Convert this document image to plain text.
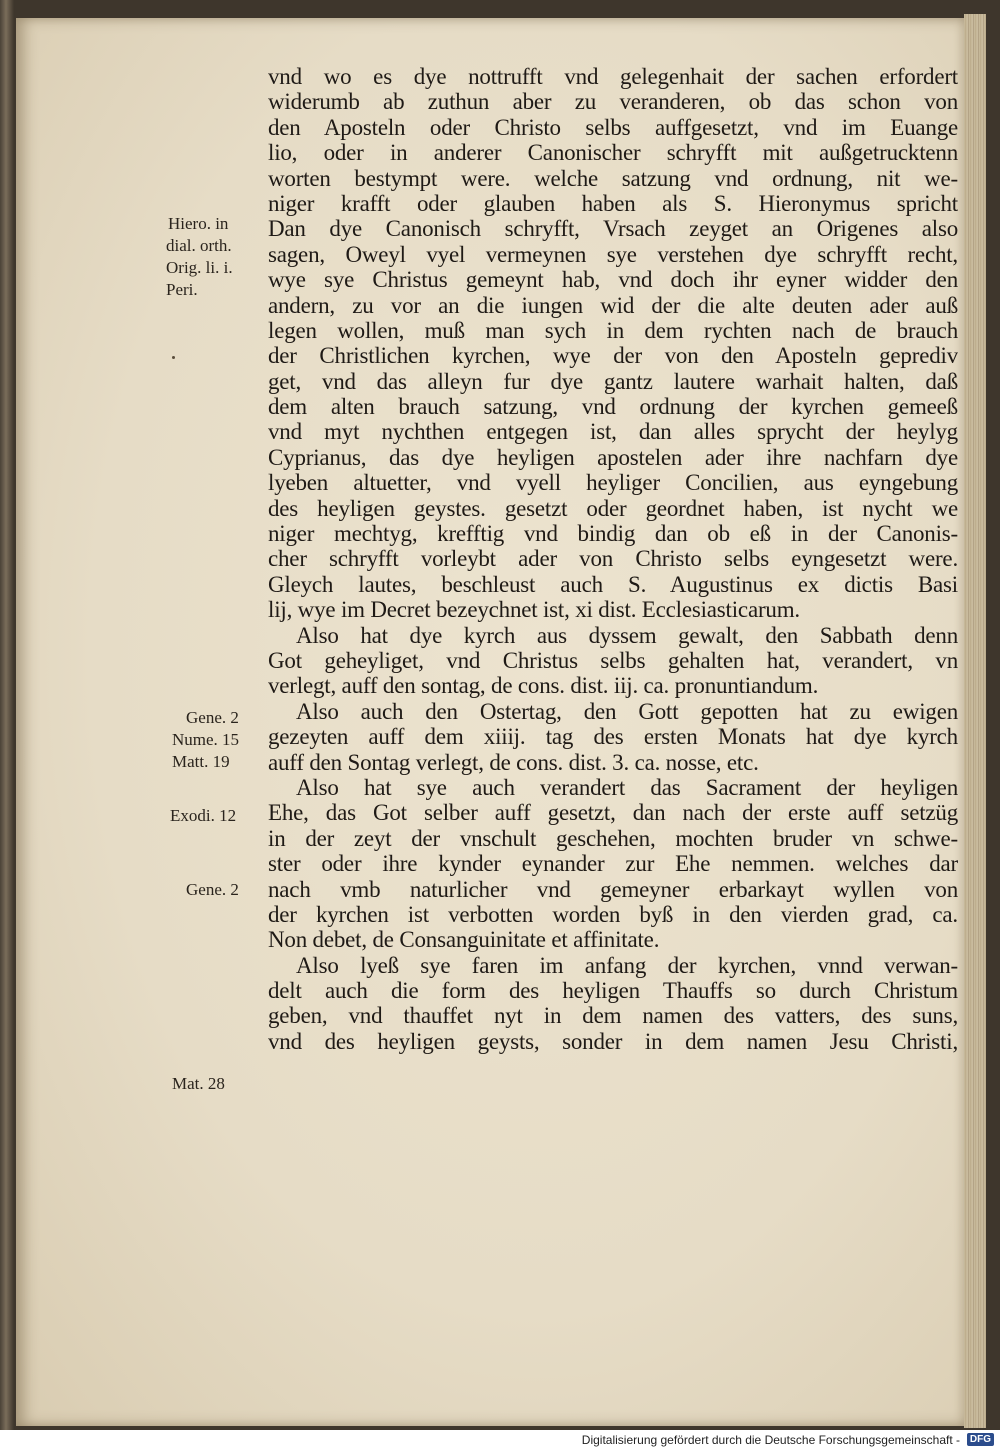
vnd wo es dye nottrufft vnd gelegenhait der sachen erfordert
widerumb ab zuthun aber zu veranderen, ob das schon von
den Aposteln oder Christo selbs auffgesetzt, vnd im Euange
lio, oder in anderer Canonischer schryfft mit außgetrucktenn
worten bestympt were. welche satzung vnd ordnung, nit we-
niger krafft oder glauben haben als S. Hieronymus spricht
Dan dye Canonisch schryfft, Vrsach zeyget an Origenes also
sagen, Oweyl vyel vermeynen sye verstehen dye schryfft recht,
wye sye Christus gemeynt hab, vnd doch ihr eyner widder den
andern, zu vor an die iungen wid der die alte deuten ader auß
legen wollen, muß man sych in dem rychten nach de brauch
der Christlichen kyrchen, wye der von den Aposteln geprediv
get, vnd das alleyn fur dye gantz lautere warhait halten, daß
dem alten brauch satzung, vnd ordnung der kyrchen gemeeß
vnd myt nychthen entgegen ist, dan alles sprycht der heylyg
Cyprianus, das dye heyligen apostelen ader ihre nachfarn dye
lyeben altuetter, vnd vyell heyliger Concilien, aus eyngebung
des heyligen geystes. gesetzt oder geordnet haben, ist nycht we
niger mechtyg, krefftig vnd bindig dan ob eß in der Canonis-
cher schryfft vorleybt ader von Christo selbs eyngesetzt were.
Gleych lautes, beschleust auch S. Augustinus ex dictis Basi
lij, wye im Decret bezeychnet ist, xi dist. Ecclesiasticarum.
Also hat dye kyrch aus dyssem gewalt, den Sabbath denn
Got geheyliget, vnd Christus selbs gehalten hat, verandert, vn
verlegt, auff den sontag, de cons. dist. iij. ca. pronuntiandum.
Also auch den Ostertag, den Gott gepotten hat zu ewigen
gezeyten auff dem xiiij. tag des ersten Monats hat dye kyrch
auff den Sontag verlegt, de cons. dist. 3. ca. nosse, etc.
Also hat sye auch verandert das Sacrament der heyligen
Ehe, das Got selber auff gesetzt, dan nach der erste auff setzüg
in der zeyt der vnschult geschehen, mochten bruder vn schwe-
ster oder ihre kynder eynander zur Ehe nemmen. welches dar
nach vmb naturlicher vnd gemeyner erbarkayt wyllen von
der kyrchen ist verbotten worden byß in den vierden grad, ca.
Non debet, de Consanguinitate et affinitate.
Also lyeß sye faren im anfang der kyrchen, vnnd verwan-
delt auch die form des heyligen Thauffs so durch Christum
geben, vnd thauffet nyt in dem namen des vatters, des suns,
vnd des heyligen geysts, sonder in dem namen Jesu Christi,
Hiero. in
dial. orth.
Orig. li. i.
Peri.
Gene. 2
Nume. 15
Matt. 19
Exodi. 12
Gene. 2
Mat. 28
Digitalisierung gefördert durch die Deutsche Forschungsgemeinschaft - DFG
